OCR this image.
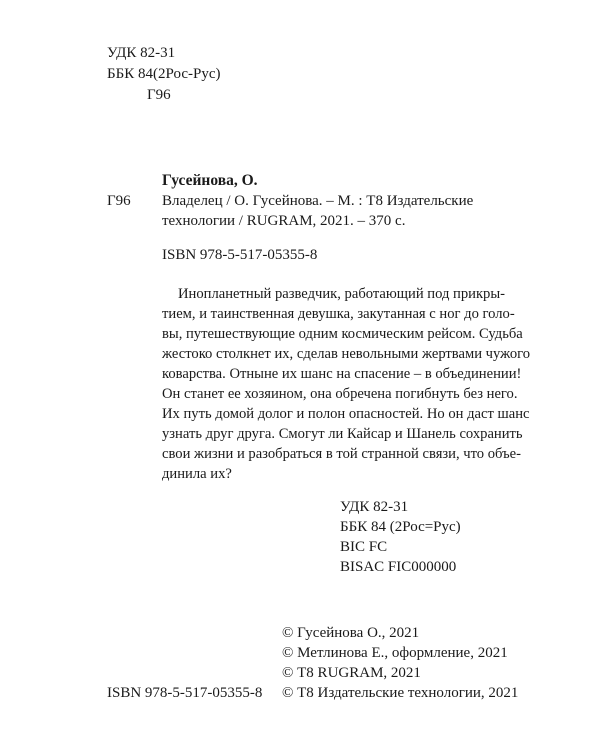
УДК 82-31
ББК 84(2Рос-Рус)
Г96
Гусейнова, О.
Г96 Владелец / О. Гусейнова. – М. : Т8 Издательские
технологии / RUGRAM, 2021. – 370 с.
ISBN 978-5-517-05355-8
Инопланетный разведчик, работающий под прикры-
тием, и таинственная девушка, закутанная с ног до голо-
вы, путешествующие одним космическим рейсом. Судьба
жестоко столкнет их, сделав невольными жертвами чужого
коварства. Отныне их шанс на спасение – в объединении!
Он станет ее хозяином, она обречена погибнуть без него.
Их путь домой долог и полон опасностей. Но он даст шанс
узнать друг друга. Смогут ли Кайсар и Шанель сохранить
свои жизни и разобраться в той странной связи, что объе-
динила их?
УДК 82-31
ББК 84 (2Рос=Рус)
BIC FC
BISAC FIC000000
© Гусейнова О., 2021
© Метлинова Е., оформление, 2021
© Т8 RUGRAM, 2021
ISBN 978-5-517-05355-8 © Т8 Издательские технологии, 2021
